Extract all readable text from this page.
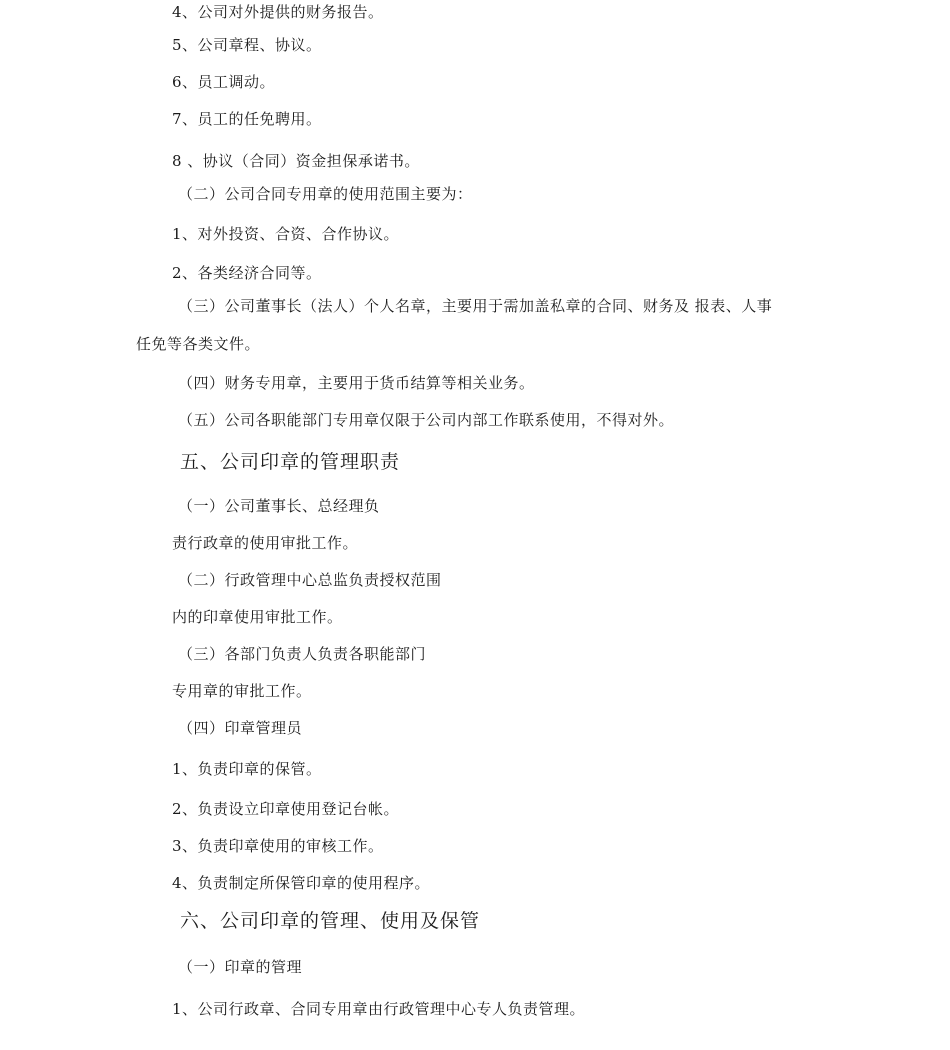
4、公司对外提供的财务报告。
5、公司章程、协议。
6、员工调动。
7、员工的任免聘用。
8 、协议（合同）资金担保承诺书。
（二）公司合同专用章的使用范围主要为：
1、对外投资、合资、合作协议。
2、各类经济合同等。
（三）公司董事长（法人）个人名章，主要用于需加盖私章的合同、财务及 报表、人事
任免等各类文件。
（四）财务专用章，主要用于货币结算等相关业务。
（五）公司各职能部门专用章仅限于公司内部工作联系使用，不得对外。
五、公司印章的管理职责
（一）公司董事长、总经理负
责行政章的使用审批工作。
（二）行政管理中心总监负责授权范围
内的印章使用审批工作。
（三）各部门负责人负责各职能部门
专用章的审批工作。
（四）印章管理员
1、负责印章的保管。
2、负责设立印章使用登记台帐。
3、负责印章使用的审核工作。
4、负责制定所保管印章的使用程序。
六、公司印章的管理、使用及保管
（一）印章的管理
1、公司行政章、合同专用章由行政管理中心专人负责管理。
